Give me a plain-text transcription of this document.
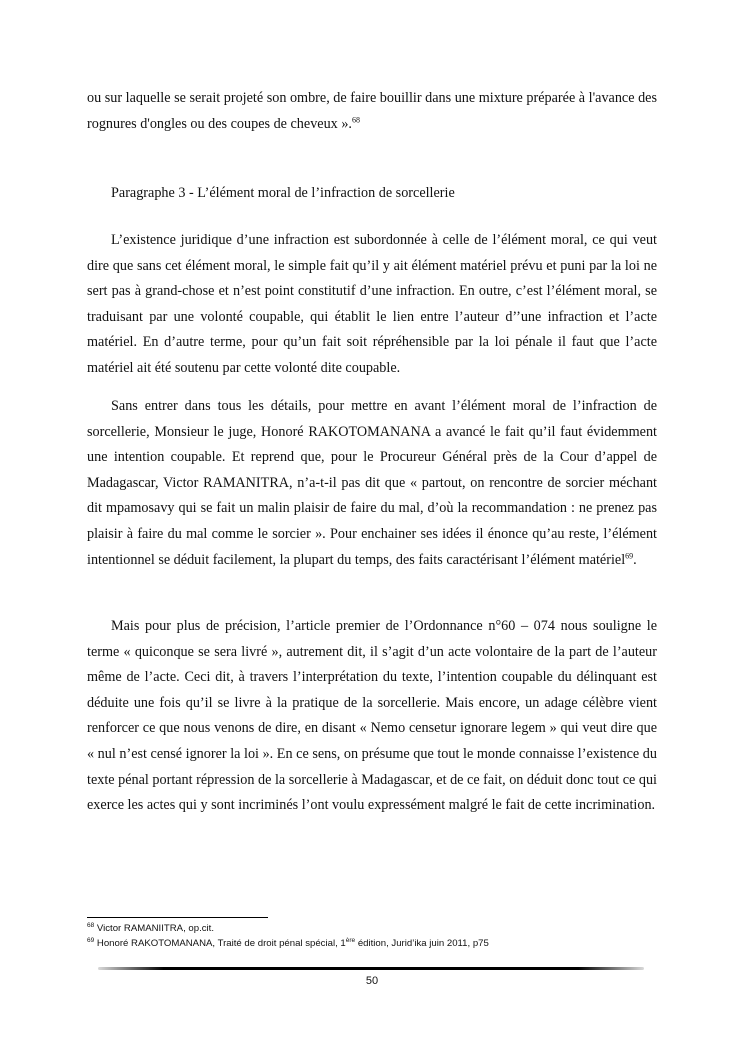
ou sur laquelle se serait projeté son ombre, de faire bouillir dans une mixture préparée à l'avance des rognures d'ongles ou des coupes de cheveux ».$^{68}$

Paragraphe 3 - L’élément moral de l’infraction de sorcellerie

L’existence juridique d’une infraction est subordonnée à celle de l’élément moral, ce qui veut dire que sans cet élément moral, le simple fait qu’il y ait élément matériel prévu et puni par la loi ne sert pas à grand-chose et n’est point constitutif d’une infraction. En outre, c’est l’élément moral, se traduisant par une volonté coupable, qui établit le lien entre l’auteur d’’une infraction et l’acte matériel. En d’autre terme, pour qu’un fait soit répréhensible par la loi pénale il faut que l’acte matériel ait été soutenu par cette volonté dite coupable.

Sans entrer dans tous les détails, pour mettre en avant l’élément moral de l’infraction de sorcellerie, Monsieur le juge, Honoré RAKOTOMANANA a avancé le fait qu’il faut évidemment une intention coupable. Et reprend que, pour le Procureur Général près de la Cour d’appel de Madagascar, Victor RAMANITRA, n’a-t-il pas dit que « partout, on rencontre de sorcier méchant dit mpamosavy qui se fait un malin plaisir de faire du mal, d’où la recommandation : ne prenez pas plaisir à faire du mal comme le sorcier ». Pour enchainer ses idées il énonce qu’au reste, l’élément intentionnel se déduit facilement, la plupart du temps, des faits caractérisant l’élément matériel$^{69}$.

Mais pour plus de précision, l’article premier de l’Ordonnance n°60 – 074 nous souligne le terme « quiconque se sera livré », autrement dit, il s’agit d’un acte volontaire de la part de l’auteur même de l’acte. Ceci dit, à travers l’interprétation du texte, l’intention coupable du délinquant est déduite une fois qu’il se livre à la pratique de la sorcellerie. Mais encore, un adage célèbre vient renforcer ce que nous venons de dire, en disant « Nemo censetur ignorare legem » qui veut dire que « nul n’est censé ignorer la loi ». En ce sens, on présume que tout le monde connaisse l’existence du texte pénal portant répression de la sorcellerie à Madagascar, et de ce fait, on déduit donc tout ce qui exerce les actes qui y sont incriminés l’ont voulu expressément malgré le fait de cette incrimination.

$^{68}$ Victor RAMANIITRA, op.cit.
$^{69}$ Honoré RAKOTOMANANA, Traité de droit pénal spécial, 1ère édition, Jurid’ika juin 2011, p75
50
